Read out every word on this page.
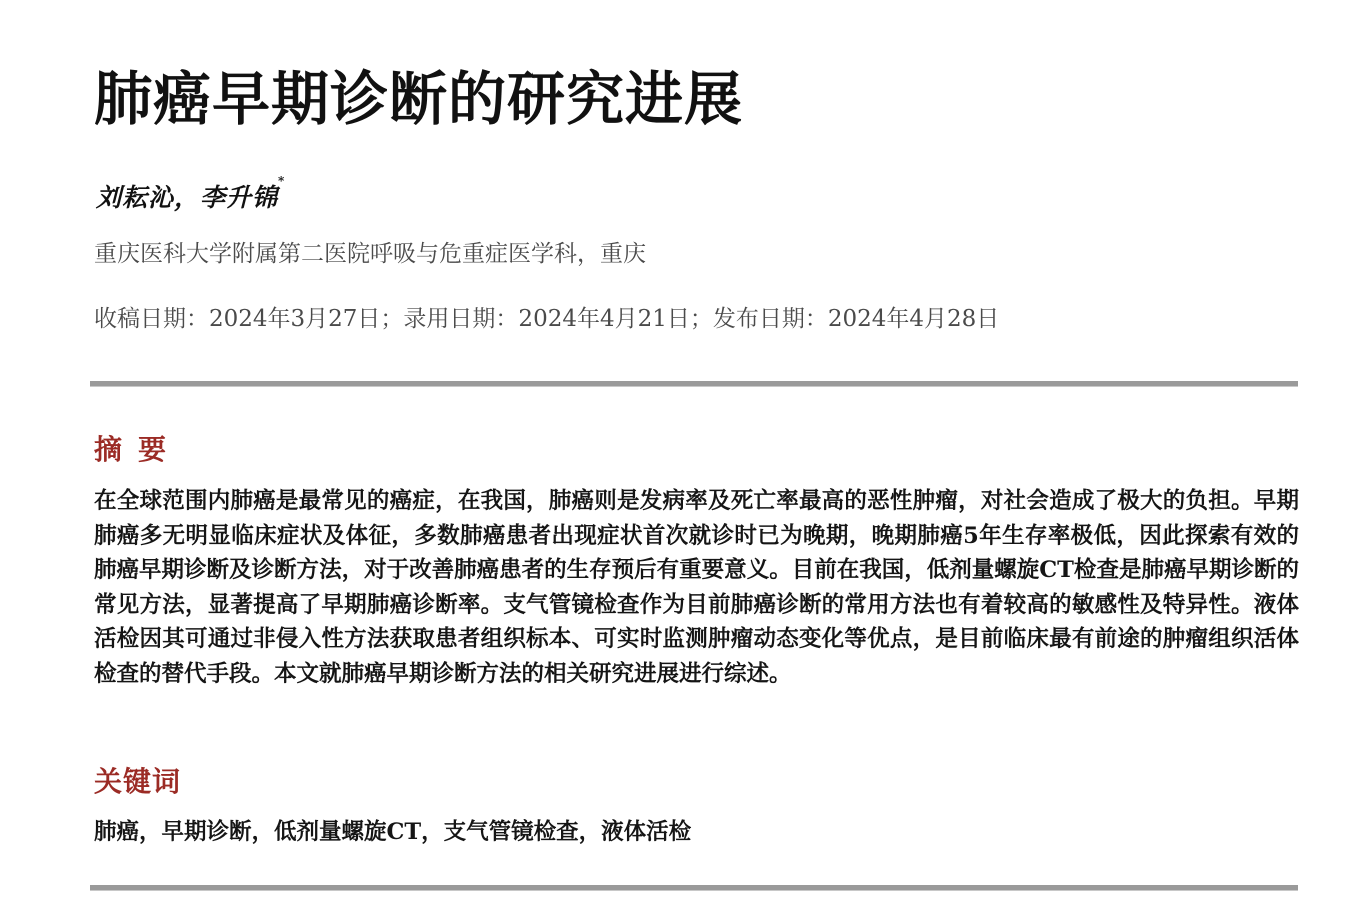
肺癌早期诊断的研究进展
刘耘沁，李升锦*
重庆医科大学附属第二医院呼吸与危重症医学科，重庆
收稿日期：2024年3月27日；录用日期：2024年4月21日；发布日期：2024年4月28日
摘要

在全球范围内肺癌是最常见的癌症，在我国，肺癌则是发病率及死亡率最高的恶性肿瘤，对社会造成了极大的负担。早期肺癌多无明显临床症状及体征，多数肺癌患者出现症状首次就诊时已为晚期，晚期肺癌5年生存率极低，因此探索有效的肺癌早期诊断及诊断方法，对于改善肺癌患者的生存预后有重要意义。目前在我国，低剂量螺旋CT检查是肺癌早期诊断的常见方法，显著提高了早期肺癌诊断率。支气管镜检查作为目前肺癌诊断的常用方法也有着较高的敏感性及特异性。液体活检因其可通过非侵入性方法获取患者组织标本、可实时监测肿瘤动态变化等优点，是目前临床最有前途的肿瘤组织活体检查的替代手段。本文就肺癌早期诊断方法的相关研究进展进行综述。

关键词
肺癌，早期诊断，低剂量螺旋CT，支气管镜检查，液体活检
